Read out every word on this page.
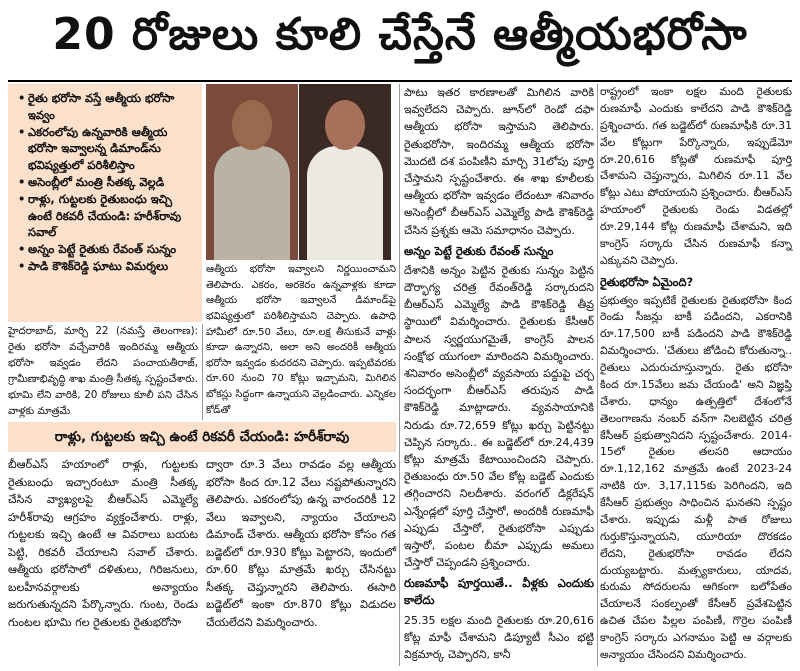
20 రోజులు కూలి చేస్తేనే ఆత్మీయభరోసా
• రైతు భరోసా వస్తే ఆత్మీయ భరోసా ఇవ్వం
• ఎకరంలోపు ఉన్నవారికి ఆత్మీయ భరోసా ఇవ్వాలన్న డిమాండ్‌ను భవిష్యత్తులో పరిశీలిస్తాం
• అసెంబ్లీలో మంత్రి సీతక్క వెల్లడి
• రాళ్లు, గుట్టలకు రైతుబంధు ఇచ్చి ఉంటే రికవరీ చేయండి: హరీశ్‌రావు సవాల్
• అన్నం పెట్టే రైతుకు రేవంత్ సున్నం
• పాడి కౌశిక్‌రెడ్డి ఘాటు విమర్శలు

హైదరాబాద్, మార్చి 22 (నమస్తే తెలంగాణ): రైతు భరోసా వచ్చేవారికి ఇందిరమ్మ ఆత్మీయ భరోసా ఇవ్వడం లేదని పంచాయతీరాజ్, గ్రామీణాభివృద్ధి శాఖ మంత్రి సీతక్క స్పష్టంచేశారు. భూమి లేని వారికి, 20 రోజులు కూలీ పని చేసిన వాళ్లకు మాత్రమే

ఆత్మీయ భరోసా ఇవ్వాలని నిర్ణయించామని తెలిపారు. ఎకరం, అరకెరం ఉన్నవాళ్లకు కూడా ఆత్మీయ భరోసా ఇవ్వాలనే డిమాండ్‌పై భవిష్యత్తులో పరిశీలిస్తామని చెప్పారు. ఉపాధి హామీలో రూ.50 వేలు, రూ.లక్ష తీసుకునే వాళ్లు కూడా ఉన్నారని, అలా అని అందరికీ ఆత్మీయ భరోసా ఇవ్వడం కుదరదని చెప్పారు. ఇప్పటివరకు రూ.60 నుంచి 70 కోట్లు ఇచ్చామని, మిగిలిన బోకస్లు సిద్ధంగా ఉన్నాయని వెల్లడించారు. ఎన్నికల కోడ్‌తో

రాళ్లు, గుట్టలకు ఇచ్చి ఉంటే రికవరీ చేయండి: హరీశ్‌రావు

బీఆర్‌ఎస్ హయాంలో రాళ్లు, గుట్టలకు రైతుబంధు ఇచ్చారంటూ మంత్రి సీతక్క చేసిన వ్యాఖ్యలపై బీఆర్‌ఎస్ ఎమ్మెల్యే హరీశ్‌రావు ఆగ్రహం వ్యక్తంచేశారు. రాళ్లు, గుట్టలకు ఇచ్చి ఉంటే ఆ వివరాలు బయట పెట్టి, రికవరీ చేయాలని సవాల్ చేశారు. ఆత్మీయ భరోసాలో దళితులు, గిరిజనులు, బలహీనవర్గాలకు అన్యాయం జరుగుతున్నదని పేర్కొన్నారు. గుంట, రెండు గుంటల భూమి గల రైతులకు రైతుభరోసా

ద్వారా రూ.3 వేలు రావడం వల్ల ఆత్మీయ భరోసా కింద రూ.12 వేలు నష్టపోతున్నారని తెలిపారు. ఎకరంలోపు ఉన్న వారందరికీ 12 వేలు ఇవ్వాలని, న్యాయం చేయాలని డిమాండ్ చేశారు. ఆత్మీయ భరోసా కోసం గత బడ్జెట్‌లో రూ.930 కోట్లు పెట్టారని, ఇందులో రూ.60 కోట్లు మాత్రమే ఖర్చు చేసినట్టు సీతక్క చెప్తున్నారని తెలిపారు. ఈసారి బడ్జెట్‌లో ఇంకా రూ.870 కోట్లు విడుదల చేయలేదని విమర్శించారు.

పాటు ఇతర కారణాలతో మిగిలిన వారికి ఇవ్వలేదని చెప్పారు. జూన్‌లో రెండో దఫా ఆత్మీయ భరోసా ఇస్తామని తెలిపారు. రైతుభరోసా, ఇందిరమ్మ ఆత్మీయ భరోసా మొదటి దశ పంపిణీని మార్చి 31లోపు పూర్తి చేస్తామని స్పష్టంచేశారు. ఈ శాఖ కూలీలకు ఆత్మీయ భరోసా ఇవ్వడం లేదంటూ శనివారం అసెంబ్లీలో బీఆర్‌ఎస్ ఎమ్మెల్యే పాడి కౌశిక్‌రెడ్డి చేసిన ప్రశ్నకు ఆమె సమాధానం చెప్పారు.

అన్నం పెట్టే రైతుకు రేవంత్ సున్నం

దేశానికి అన్నం పెట్టిన రైతుకు సున్నం పెట్టిన దౌర్భాగ్య చరిత్ర రేవంత్‌రెడ్డి సర్కారుదని బీఆర్‌ఎస్ ఎమ్మెల్యే పాడి కౌశిక్‌రెడ్డి తీవ్ర స్థాయిలో విమర్శించారు. రైతులకు కేసీఆర్ పాలన స్వర్ణయుగమైతే, కాంగ్రెస్ పాలన సంక్షోభ యుగంలా మారిందని విమర్శించారు. శనివారం అసెంబ్లీలో వ్యవసాయ పద్దుపై చర్చ సందర్భంగా బీఆర్‌ఎస్ తరుపున పాడి కౌశిక్‌రెడ్డి మాట్లాడారు. వ్యవసాయానికి నిరుడు రూ.72,659 కోట్లు ఖర్చు పెట్టినట్టు చెప్పిన సర్కారు.. ఈ బడ్జెట్‌లో రూ.24,439 కోట్లు మాత్రమే కేటాయించిందని చెప్పారు. రైతుబంధు రూ.50 వేల కోట్ల బడ్జెట్ ఎందుకు తగ్గించారని నిలదీశారు. వరంగల్ డిక్లరేషన్ ఎన్నేండ్లలో పూర్తి చేస్తారో, అందరికీ రుణమాఫీ ఎప్పుడు చేస్తారో, రైతుభరోసా ఎప్పుడు ఇస్తారో, పంటల బీమా ఎప్పుడు అమలు చేస్తారో చెప్పండని ప్రశ్నించారు.

రుణమాఫీ పూర్తయితే.. వీళ్లకు ఎందుకు కాలేదు

25.35 లక్షల మంది రైతులకు రూ.20,616 కోట్ల మాఫీ చేశామని డిప్యూటీ సీఎం భట్టి విక్రమార్క చెప్పారని, కానీ

రాష్ట్రంలో ఇంకా లక్షల మంది రైతులకు రుణమాఫీ ఎందుకు కాలేదని పాడి కౌశిక్‌రెడ్డి ప్రశ్నించారు. గత బడ్జెట్‌లో రుణమాఫీకి రూ.31 వేల కోట్లుగా పేర్కొన్నారు, ఇప్పుడేమో రూ.20,616 కోట్లతో రుణమాఫీ పూర్తి చేశామని చెప్తున్నారు, మిగిలిన రూ.11 వేల కోట్లు ఎటు పోయాయని ప్రశ్నించారు. బీఆర్‌ఎస్ హయాంలో రైతులకు రెండు విడతల్లో రూ.29,144 కోట్ల రుణమాఫీ చేశామని, ఇది కాంగ్రెస్ సర్కారు చేసిన రుణమాఫీ కన్నా ఎక్కువని చెప్పారు.

రైతుభరోసా ఏమైంది?

ప్రభుత్వం ఇప్పటికే రైతులకు రైతుభరోసా కింద రెండు సీజన్లు బాకీ పడిందని, ఎకరానికి రూ.17,500 బాకీ పడిందని పాడి కౌశిక్‌రెడ్డి విమర్శించారు. 'చేతులు జోడించి కోరుతున్నా.. రైతులు ఎదురుచూస్తున్నారు. రైతు భరోసా కింద రూ.15వేలు జమ చేయండి' అని విజ్ఞప్తి చేశారు. ధాన్యం ఉత్పత్తిలో దేశంలోనే తెలంగాణను నంబర్ వన్‌గా నిలబెట్టిన చరిత్ర కేసీఆర్ ప్రభుత్వానిదని స్పష్టంచేశారు. 2014-15లో రైతుల తలసరి ఆదాయం రూ.1,12,162 మాత్రమే ఉంటే 2023-24 నాటికి రూ. 3,17,115కు పెరిగిందని, ఇది కేసీఆర్ ప్రభుత్వం సాధించిన ఘనతని స్పష్టం చేశారు. ఇప్పుడు మళ్లీ పాత రోజులు గుర్తుకొస్తున్నాయని, యూరియా దొరకడం లేదని, రైతుభరోసా రావడం లేదని దుయ్యబట్టారు. మత్స్యకారులు, యాదవ, కురుమ సోదరులను ఆగికంగా బలోపేతం చేయాలనే సంకల్పంతో కేసీఆర్ ప్రవేశపెట్టిన ఉచిత చేపల పిల్లల పంపిణీ, గొర్రెల పంపిణీ కాంగ్రెస్ సర్కారు ఎగనామం పెట్టి ఆ వర్గాలకు అన్యాయం చేసిందని విమర్శించారు.
